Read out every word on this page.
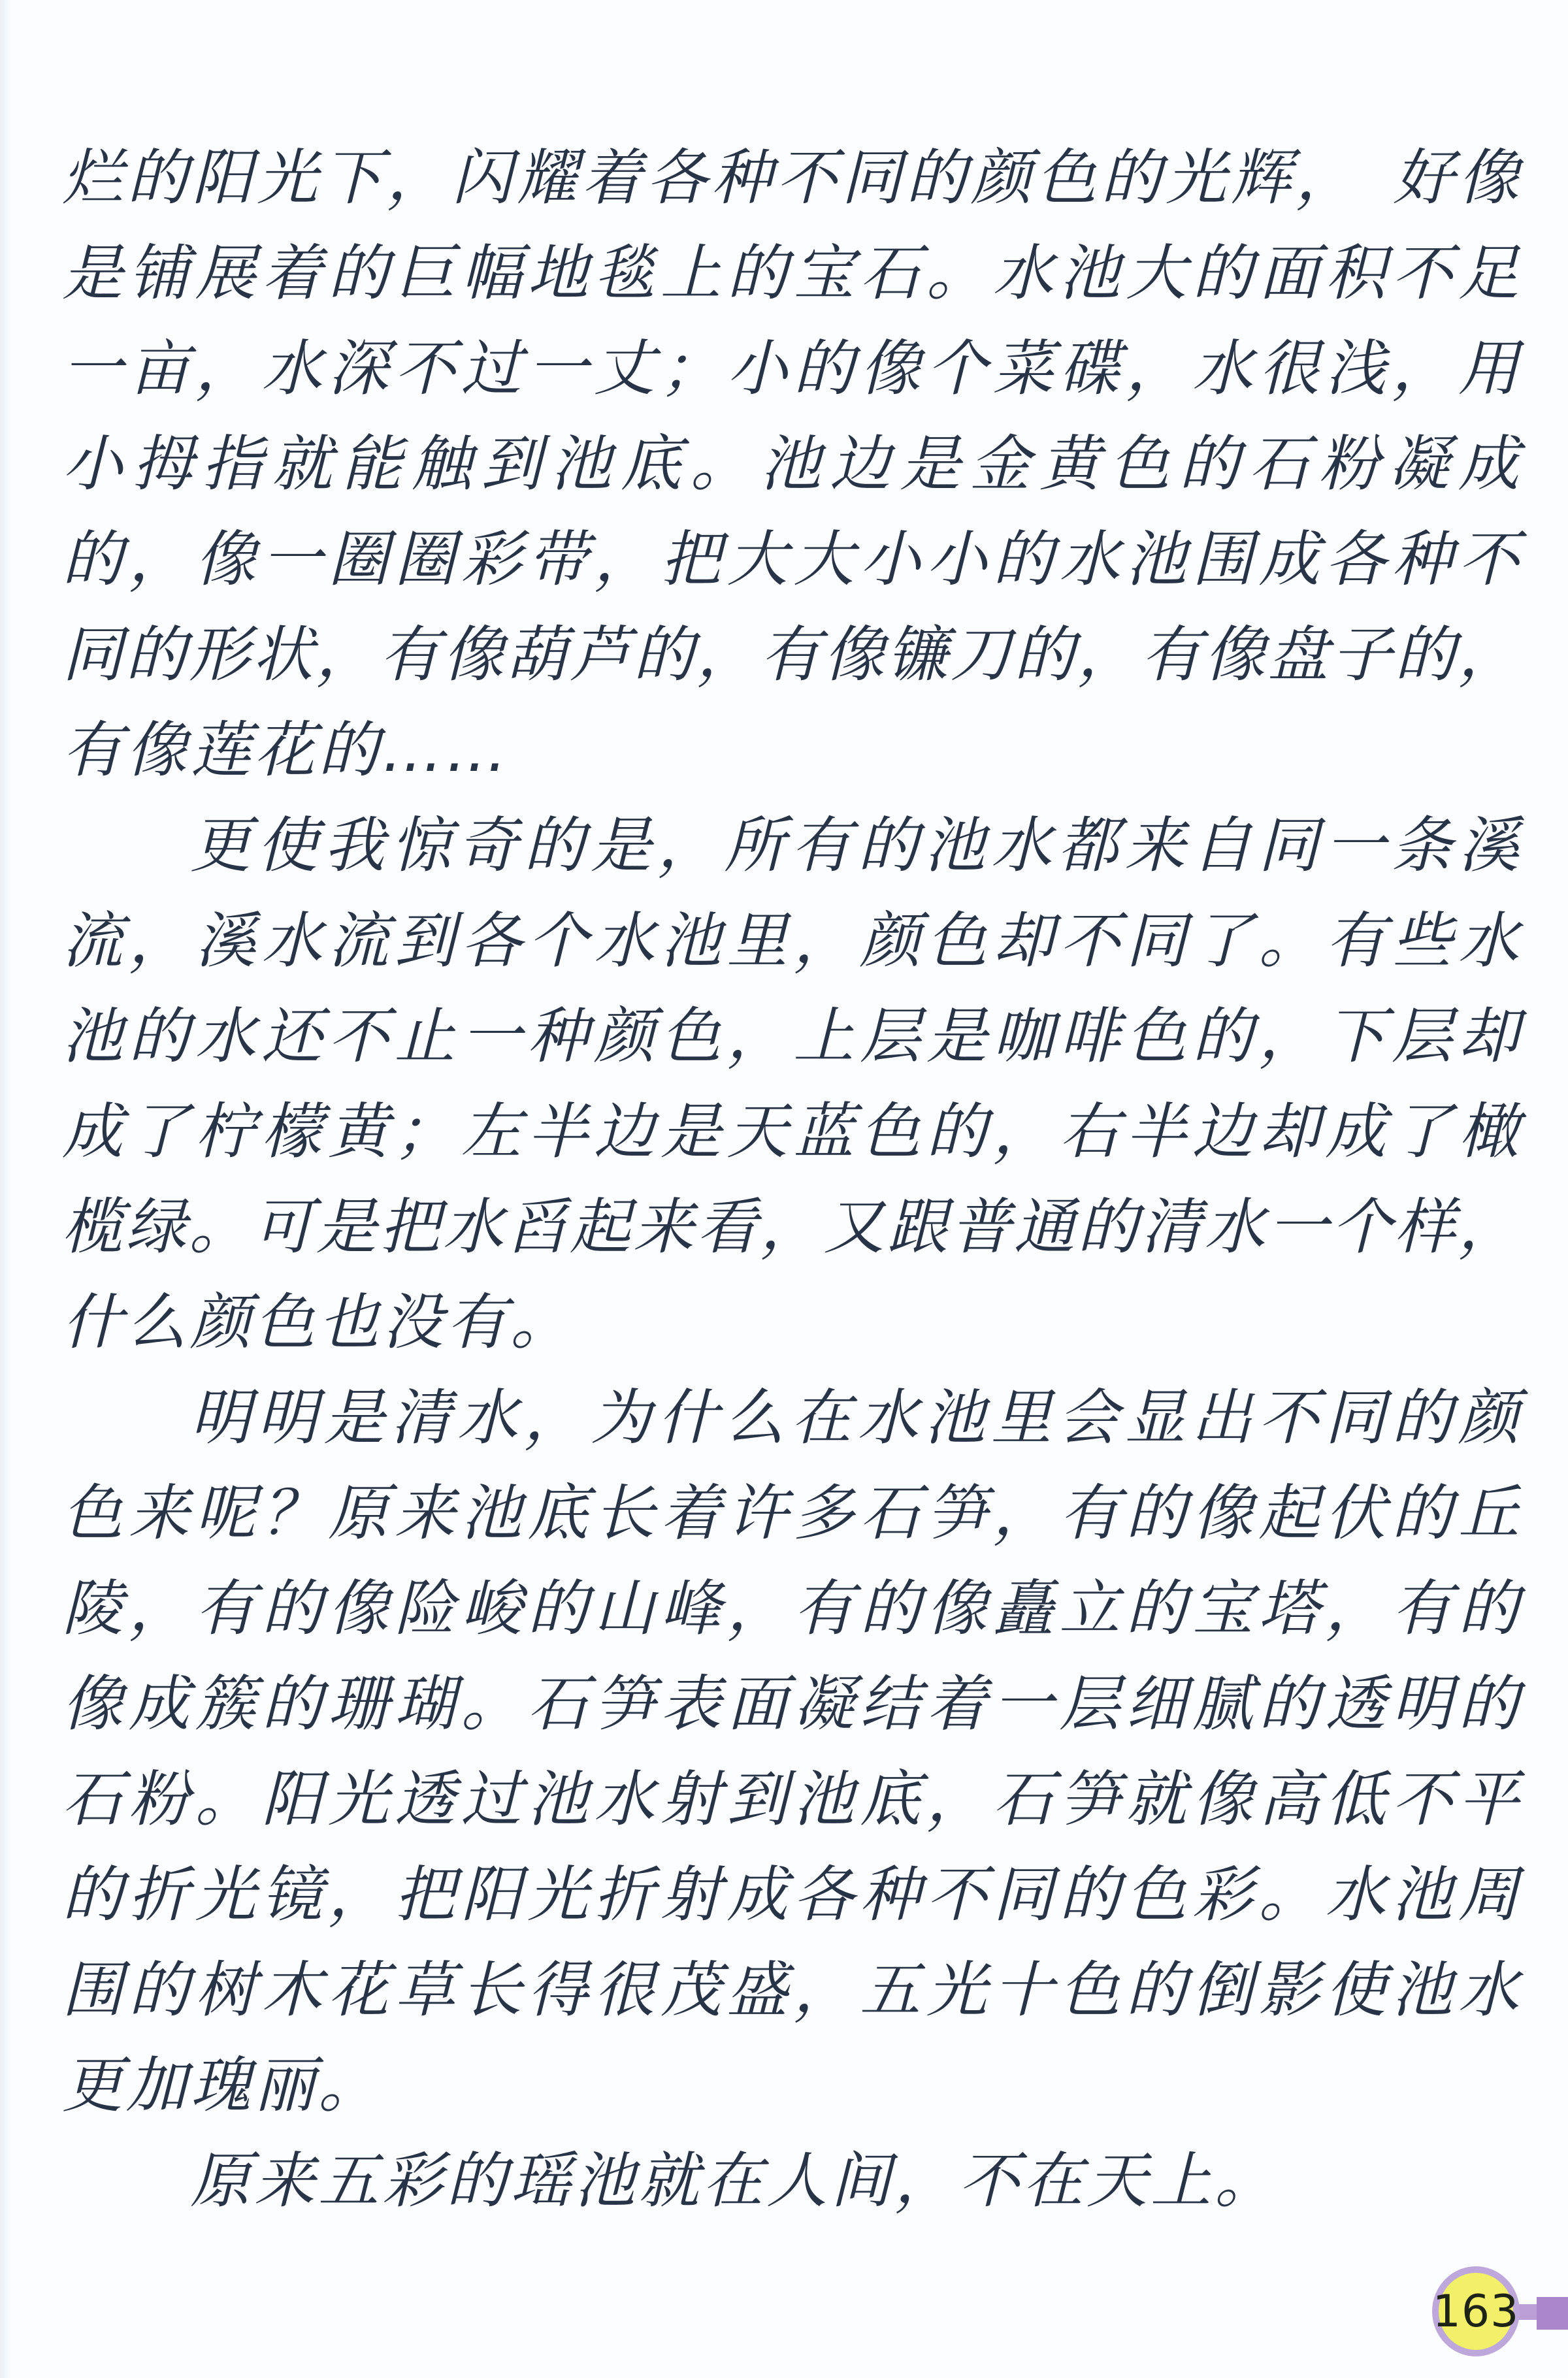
烂 的 阳 光 下 ， 闪 耀 着 各 种 不 同 的 颜 色 的 光 辉 ， 好 像
是 铺 展 着 的 巨 幅 地 毯 上 的 宝 石 。 水 池 大 的 面 积 不 足
一 亩 ， 水 深 不 过 一 丈 ； 小 的 像 个 菜 碟 ， 水 很 浅 ， 用
小 拇 指 就 能 触 到 池 底 。 池 边 是 金 黄 色 的 石 粉 凝 成
的 ， 像 一 圈 圈 彩 带 ， 把 大 大 小 小 的 水 池 围 成 各 种 不
同 的 形 状 ， 有 像 葫 芦 的 ， 有 像 镰 刀 的 ， 有 像 盘 子 的 ，
有像莲花的……
更 使 我 惊 奇 的 是 ， 所 有 的 池 水 都 来 自 同 一 条 溪
流 ， 溪 水 流 到 各 个 水 池 里 ， 颜 色 却 不 同 了 。 有 些 水
池 的 水 还 不 止 一 种 颜 色 ， 上 层 是 咖 啡 色 的 ， 下 层 却
成 了 柠 檬 黄 ； 左 半 边 是 天 蓝 色 的 ， 右 半 边 却 成 了 橄
榄 绿 。 可 是 把 水 舀 起 来 看 ， 又 跟 普 通 的 清 水 一 个 样 ，
什么颜色也没有。
明 明 是 清 水 ， 为 什 么 在 水 池 里 会 显 出 不 同 的 颜
色 来 呢 ？ 原 来 池 底 长 着 许 多 石 笋 ， 有 的 像 起 伏 的 丘
陵 ， 有 的 像 险 峻 的 山 峰 ， 有 的 像 矗 立 的 宝 塔 ， 有 的
像 成 簇 的 珊 瑚 。 石 笋 表 面 凝 结 着 一 层 细 腻 的 透 明 的
石 粉 。 阳 光 透 过 池 水 射 到 池 底 ， 石 笋 就 像 高 低 不 平
的 折 光 镜 ， 把 阳 光 折 射 成 各 种 不 同 的 色 彩 。 水 池 周
围 的 树 木 花 草 长 得 很 茂 盛 ， 五 光 十 色 的 倒 影 使 池 水
更加瑰丽。
原来五彩的瑶池就在人间，不在天上。
163
